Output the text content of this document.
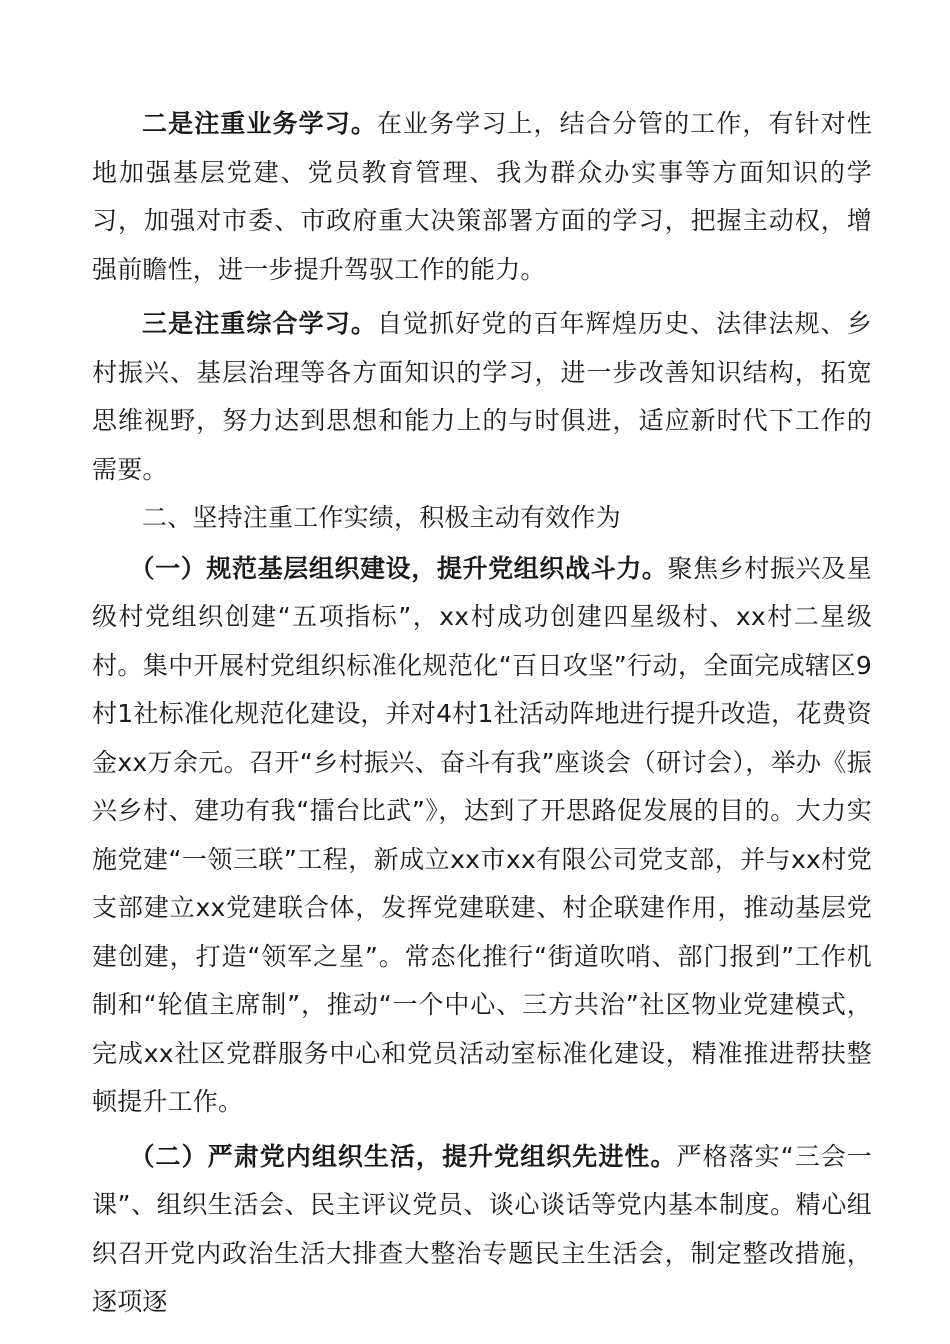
二是注重业务学习。在业务学习上，结合分管的工作，有针对性地加强基层党建、党员教育管理、我为群众办实事等方面知识的学习，加强对市委、市政府重大决策部署方面的学习，把握主动权，增强前瞻性，进一步提升驾驭工作的能力。

三是注重综合学习。自觉抓好党的百年辉煌历史、法律法规、乡村振兴、基层治理等各方面知识的学习，进一步改善知识结构，拓宽思维视野，努力达到思想和能力上的与时俱进，适应新时代下工作的需要。

二、坚持注重工作实绩，积极主动有效作为

（一）规范基层组织建设，提升党组织战斗力。聚焦乡村振兴及星级村党组织创建“五项指标”，xx村成功创建四星级村、xx村二星级村。集中开展村党组织标准化规范化“百日攻坚”行动，全面完成辖区9村1社标准化规范化建设，并对4村1社活动阵地进行提升改造，花费资金xx万余元。召开“乡村振兴、奋斗有我”座谈会（研讨会），举办《振兴乡村、建功有我“擂台比武”》，达到了开思路促发展的目的。大力实施党建“一领三联”工程，新成立xx市xx有限公司党支部，并与xx村党支部建立xx党建联合体，发挥党建联建、村企联建作用，推动基层党建创建，打造“领军之星”。常态化推行“街道吹哨、部门报到”工作机制和“轮值主席制”，推动“一个中心、三方共治”社区物业党建模式，完成xx社区党群服务中心和党员活动室标准化建设，精准推进帮扶整顿提升工作。

（二）严肃党内组织生活，提升党组织先进性。严格落实“三会一课”、组织生活会、民主评议党员、谈心谈话等党内基本制度。精心组织召开党内政治生活大排查大整治专题民主生活会，制定整改措施，逐项逐
